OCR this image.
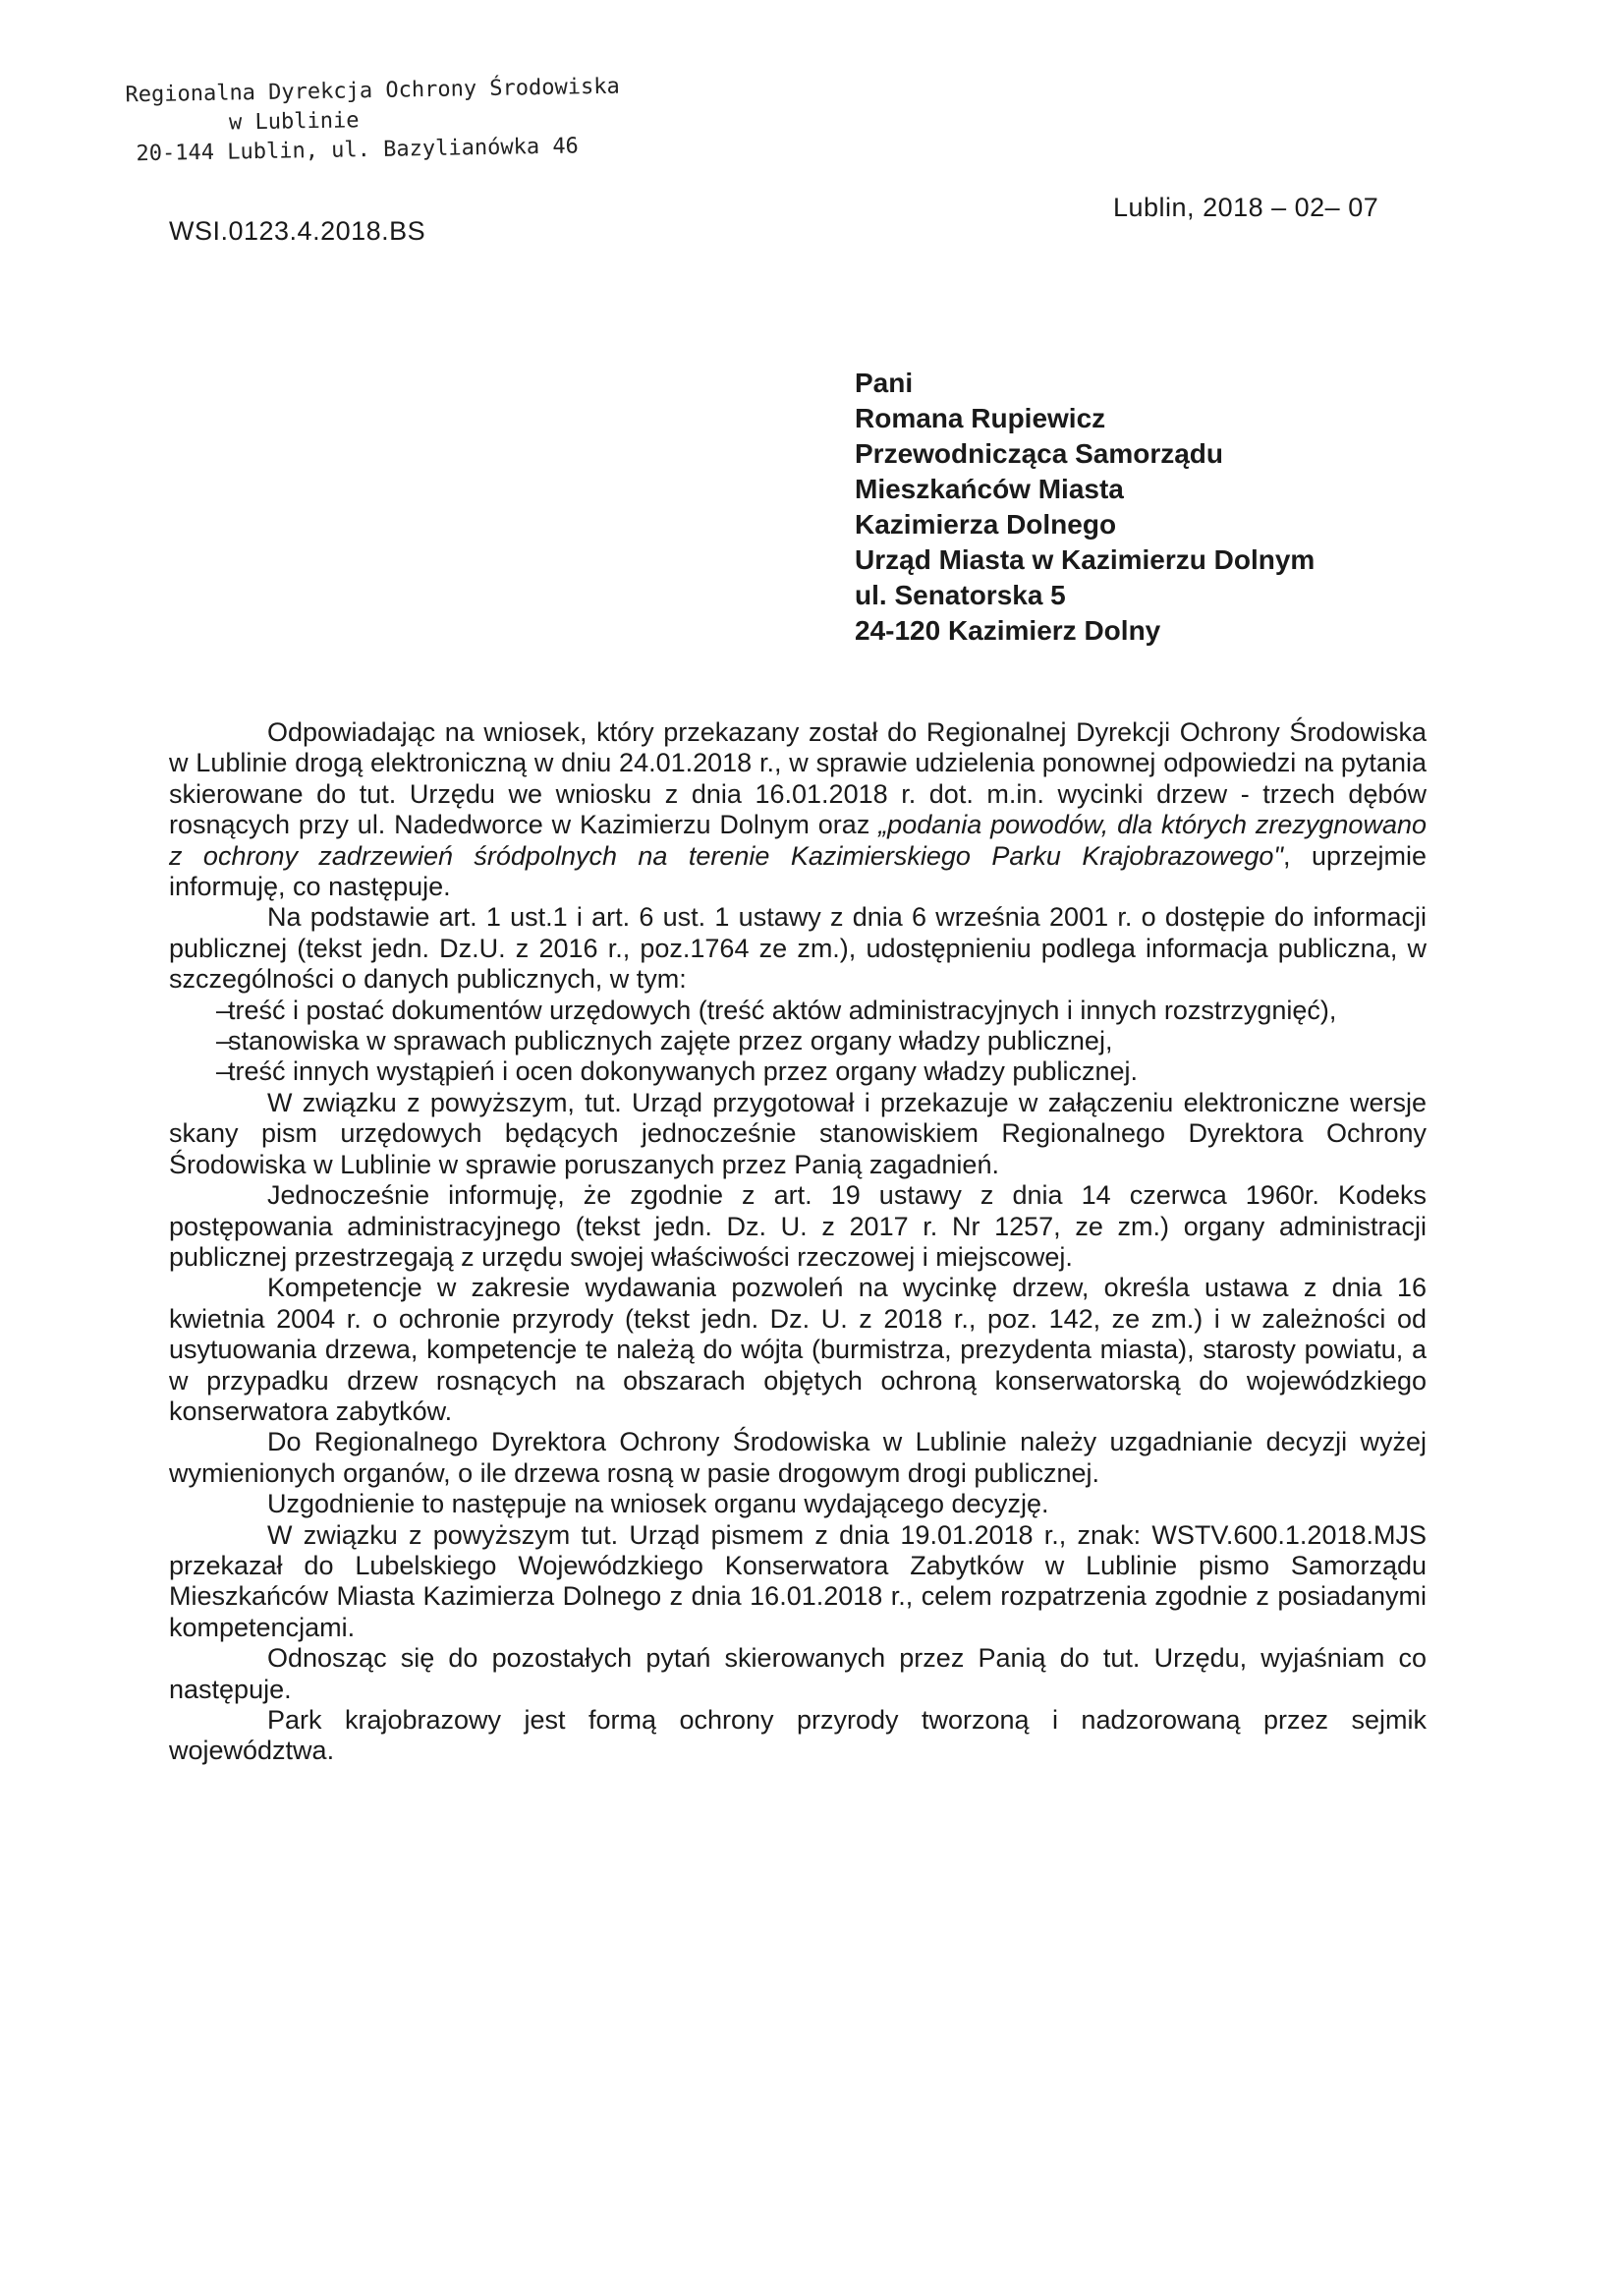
Regionalna Dyrekcja Ochrony Środowiska
w Lublinie
20-144 Lublin, ul. Bazylianówka 46
WSI.0123.4.2018.BS
Lublin, 2018 – 02– 07
Pani
Romana Rupiewicz
Przewodnicząca Samorządu
Mieszkańców Miasta
Kazimierza Dolnego
Urząd Miasta w Kazimierzu Dolnym
ul. Senatorska 5
24-120 Kazimierz Dolny

Odpowiadając na wniosek, który przekazany został do Regionalnej Dyrekcji Ochrony Środowiska w Lublinie drogą elektroniczną w dniu 24.01.2018 r., w sprawie udzielenia ponownej odpowiedzi na pytania skierowane do tut. Urzędu we wniosku z dnia 16.01.2018 r. dot. m.in. wycinki drzew - trzech dębów rosnących przy ul. Nadedworce w Kazimierzu Dolnym oraz „podania powodów, dla których zrezygnowano z ochrony zadrzewień śródpolnych na terenie Kazimierskiego Parku Krajobrazowego", uprzejmie informuję, co następuje.

Na podstawie art. 1 ust.1 i art. 6 ust. 1 ustawy z dnia 6 września 2001 r. o dostępie do informacji publicznej (tekst jedn. Dz.U. z 2016 r., poz.1764 ze zm.), udostępnieniu podlega informacja publiczna, w szczególności o danych publicznych, w tym:

–
treść i postać dokumentów urzędowych (treść aktów administracyjnych i innych rozstrzygnięć),
–
stanowiska w sprawach publicznych zajęte przez organy władzy publicznej,
–
treść innych wystąpień i ocen dokonywanych przez organy władzy publicznej.

W związku z powyższym, tut. Urząd przygotował i przekazuje w załączeniu elektroniczne wersje skany pism urzędowych będących jednocześnie stanowiskiem Regionalnego Dyrektora Ochrony Środowiska w Lublinie w sprawie poruszanych przez Panią zagadnień.

Jednocześnie informuję, że zgodnie z art. 19 ustawy z dnia 14 czerwca 1960r. Kodeks postępowania administracyjnego (tekst jedn. Dz. U. z 2017 r. Nr 1257, ze zm.) organy administracji publicznej przestrzegają z urzędu swojej właściwości rzeczowej i miejscowej.

Kompetencje w zakresie wydawania pozwoleń na wycinkę drzew, określa ustawa z dnia 16 kwietnia 2004 r. o ochronie przyrody (tekst jedn. Dz. U. z 2018 r., poz. 142, ze zm.) i w zależności od usytuowania drzewa, kompetencje te należą do wójta (burmistrza, prezydenta miasta), starosty powiatu, a w przypadku drzew rosnących na obszarach objętych ochroną konserwatorską do wojewódzkiego konserwatora zabytków.

Do Regionalnego Dyrektora Ochrony Środowiska w Lublinie należy uzgadnianie decyzji wyżej wymienionych organów, o ile drzewa rosną w pasie drogowym drogi publicznej.

Uzgodnienie to następuje na wniosek organu wydającego decyzję.

W związku z powyższym tut. Urząd pismem z dnia 19.01.2018 r., znak: WSTV.600.1.2018.MJS przekazał do Lubelskiego Wojewódzkiego Konserwatora Zabytków w Lublinie pismo Samorządu Mieszkańców Miasta Kazimierza Dolnego z dnia 16.01.2018 r., celem rozpatrzenia zgodnie z posiadanymi kompetencjami.

Odnosząc się do pozostałych pytań skierowanych przez Panią do tut. Urzędu, wyjaśniam co następuje.

Park krajobrazowy jest formą ochrony przyrody tworzoną i nadzorowaną przez sejmik województwa.
